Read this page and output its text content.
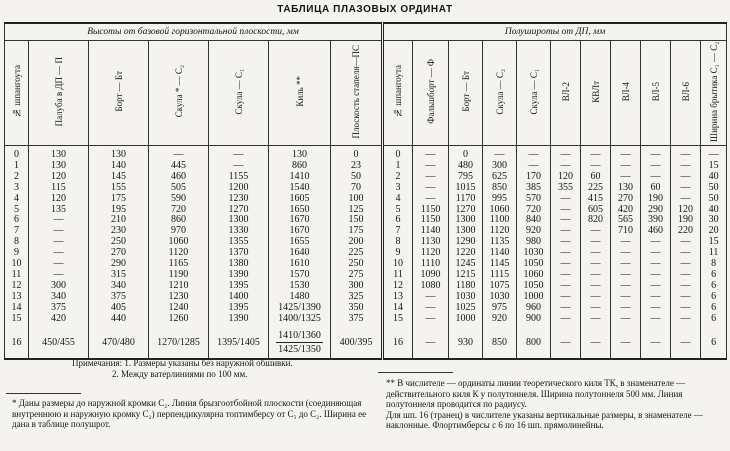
ТАБЛИЦА ПЛАЗОВЫХ ОРДИНАТ
Высоты от базовой горизонтальной плоскости, мм							Полушироты от ДП, мм										
№ шпангоута	Палуба в ДП — П	Борт — Бт	Скула * — С₂	Скула — С₁	Киль **	Плоскость стапеля—ПС	№ шпангоута	Фальшборт — Ф	Борт — Бт	Скула — С₂	Скула — С₁	ВЛ-2	КВЛт	ВЛ-4	ВЛ-5	ВЛ-6	Ширина брытика С₁ — С₂
0	130	130	—	—	130	0	0	—	0	—	—	—	—	—	—	—	—
1	130	140	445	—	860	23	1	—	480	300	—	—	—	—	—	—	15
2	120	145	460	1155	1410	50	2	—	795	625	170	120	60	—	—	—	40
3	115	155	505	1200	1540	70	3	—	1015	850	385	355	225	130	60	—	50
4	120	175	590	1230	1605	100	4	—	1170	995	570	—	415	270	190	—	50
5	135	195	720	1270	1650	125	5	1150	1270	1060	720	—	605	420	290	120	40
6	—	210	860	1300	1670	150	6	1150	1300	1100	840	—	820	565	390	190	30
7	—	230	970	1330	1670	175	7	1140	1300	1120	920	—	—	710	460	220	20
8	—	250	1060	1355	1655	200	8	1130	1290	1135	980	—	—	—	—	—	15
9	—	270	1120	1370	1640	225	9	1120	1220	1140	1030	—	—	—	—	—	11
10	—	290	1165	1380	1610	250	10	1110	1245	1145	1050	—	—	—	—	—	8
11	—	315	1190	1390	1570	275	11	1090	1215	1115	1060	—	—	—	—	—	6
12	300	340	1210	1395	1530	300	12	1080	1180	1075	1050	—	—	—	—	—	6
13	340	375	1230	1400	1480	325	13	—	1030	1030	1000	—	—	—	—	—	6
14	375	405	1240	1395	1425/1390	350	14	—	1025	975	960	—	—	—	—	—	6
15	420	440	1260	1390	1400/1325	375	15	—	1000	920	900	—	—	—	—	—	6

16	450/455	470/480	1270/1285	1395/1405	$\frac{1410/1360}{1425/1350}$	400/395	16	—	930	850	800	—	—	—	—	—	6
Примечания: 1. Размеры указаны без наружной обшивки.
2. Между ватерлиниями по 100 мм.
* Даны размеры до наружной кромки С₂. Линия брызгоотбойной плоскости (соединяющая внутреннюю и наружную кромку С₂) перпендикулярна топтимберсу от С₁ до С₂. Ширина ее дана в таблице полушрот.
** В числителе — ординаты линии теоретического киля ТК, в знаменателе — действительного киля К у полутоннеля. Ширина полутоннеля 500 мм. Линия полутоннеля проводится по радиусу.
Для шп. 16 (транец) в числителе указаны вертикальные размеры, в знаменателе — наклонные. Флортимберсы с 6 по 16 шп. прямолинейны.
